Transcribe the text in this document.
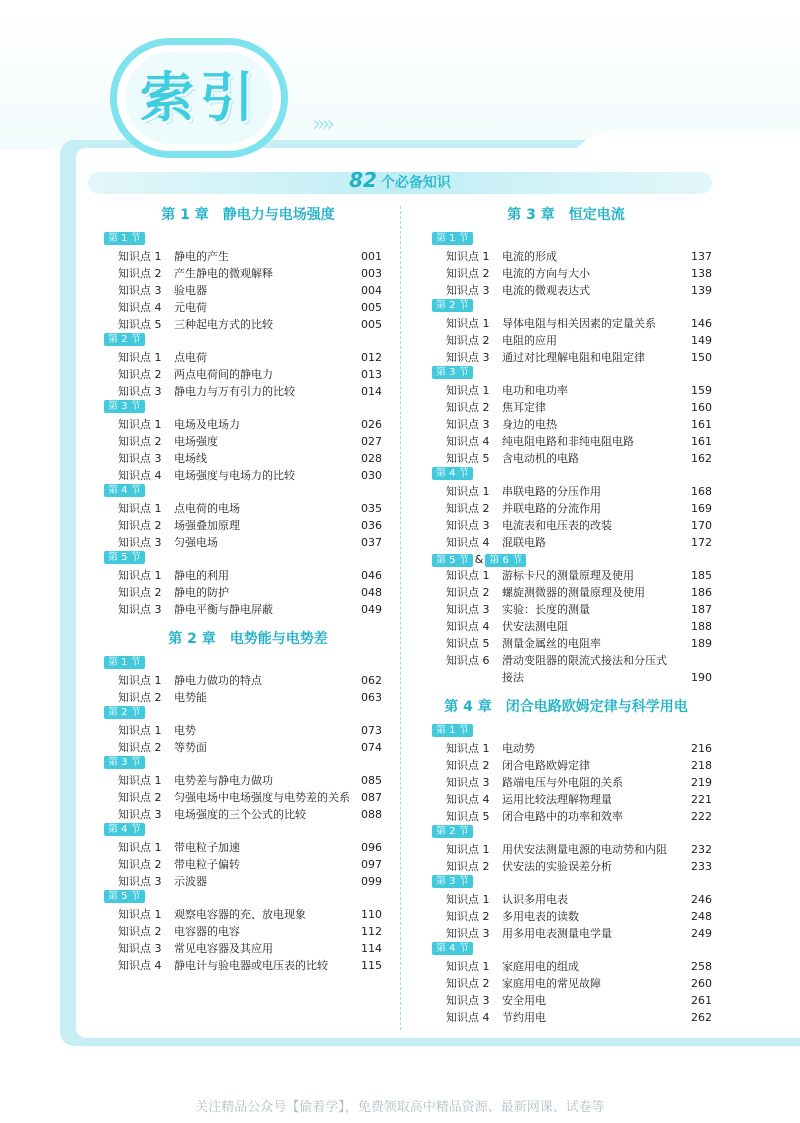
索引	»»
82 个必备知识
第 1 章 静电力与电场强度
第 1 节
知识点 1 静电的产生	001
知识点 2 产生静电的微观解释	003
知识点 3 验电器	004
知识点 4 元电荷	005
知识点 5 三种起电方式的比较	005
第 2 节
知识点 1 点电荷	012
知识点 2 两点电荷间的静电力	013
知识点 3 静电力与万有引力的比较	014
第 3 节
知识点 1 电场及电场力	026
知识点 2 电场强度	027
知识点 3 电场线	028
知识点 4 电场强度与电场力的比较	030
第 4 节
知识点 1 点电荷的电场	035
知识点 2 场强叠加原理	036
知识点 3 匀强电场	037
第 5 节
知识点 1 静电的利用	046
知识点 2 静电的防护	048
知识点 3 静电平衡与静电屏蔽	049
第 2 章 电势能与电势差
第 1 节
知识点 1 静电力做功的特点	062
知识点 2 电势能	063
第 2 节
知识点 1 电势	073
知识点 2 等势面	074
第 3 节
知识点 1 电势差与静电力做功	085
知识点 2 匀强电场中电场强度与电势差的关系 087
知识点 3 电场强度的三个公式的比较	088
第 4 节
知识点 1 带电粒子加速	096
知识点 2 带电粒子偏转	097
知识点 3 示波器	099
第 5 节
知识点 1 观察电容器的充、放电现象	110
知识点 2 电容器的电容	112
知识点 3 常见电容器及其应用	114
知识点 4 静电计与验电器或电压表的比较	115
第 3 章 恒定电流
第 1 节
知识点 1 电流的形成	137
知识点 2 电流的方向与大小	138
知识点 3 电流的微观表达式	139
第 2 节
知识点 1 导体电阻与相关因素的定量关系	146
知识点 2 电阻的应用	149
知识点 3 通过对比理解电阻和电阻定律	150
第 3 节
知识点 1 电功和电功率	159
知识点 2 焦耳定律	160
知识点 3 身边的电热	161
知识点 4 纯电阻电路和非纯电阻电路	161
知识点 5 含电动机的电路	162
第 4 节
知识点 1 串联电路的分压作用	168
知识点 2 并联电路的分流作用	169
知识点 3 电流表和电压表的改装	170
知识点 4 混联电路	172
第 5 节 & 第 6 节
知识点 1 游标卡尺的测量原理及使用	185
知识点 2 螺旋测微器的测量原理及使用	186
知识点 3 实验：长度的测量	187
知识点 4 伏安法测电阻	188
知识点 5 测量金属丝的电阻率	189
知识点 6 滑动变阻器的限流式接法和分压式
接法	190
第 4 章 闭合电路欧姆定律与科学用电
第 1 节
知识点 1 电动势	216
知识点 2 闭合电路欧姆定律	218
知识点 3 路端电压与外电阻的关系	219
知识点 4 运用比较法理解物理量	221
知识点 5 闭合电路中的功率和效率	222
第 2 节
知识点 1 用伏安法测量电源的电动势和内阻 232
知识点 2 伏安法的实验误差分析	233
第 3 节
知识点 1 认识多用电表	246
知识点 2 多用电表的读数	248
知识点 3 用多用电表测量电学量	249
第 4 节
知识点 1 家庭用电的组成	258
知识点 2 家庭用电的常见故障	260
知识点 3 安全用电	261
知识点 4 节约用电	262
关注精品公众号【偷着学】，免费领取高中精品资源、最新网课、试卷等
